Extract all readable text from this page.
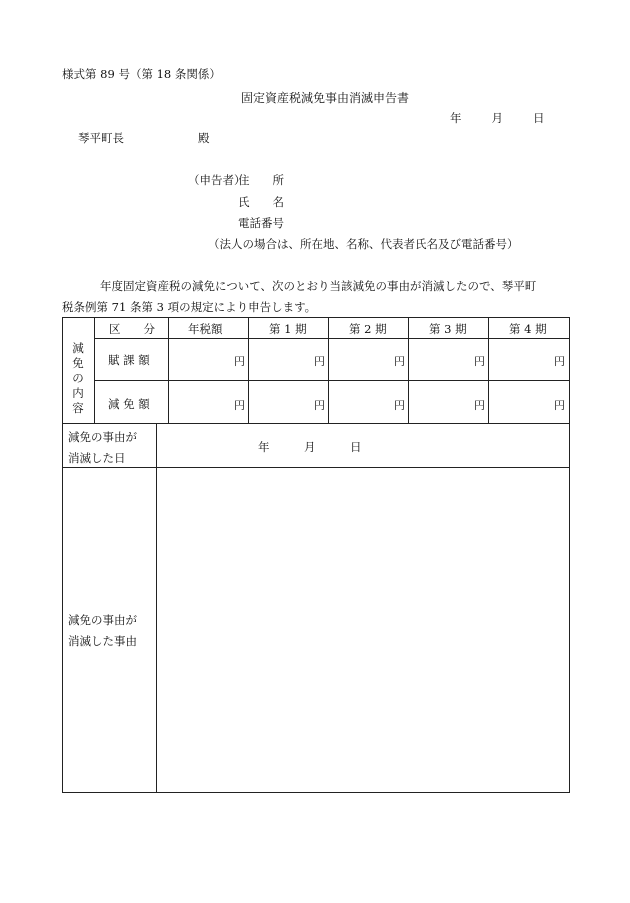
様式第 89 号（第 18 条関係）
固定資産税減免事由消滅申告書
年	月	日
琴平町長	殿
（申告者）
住　　所
氏　　名
電話番号
（法人の場合は、所在地、名称、代表者氏名及び電話番号）
年度固定資産税の減免について、次のとおり当該減免の事由が消滅したので、琴平町
税条例第 71 条第 3 項の規定により申告します。
減免の内容
区　　分	年税額	第 1 期	第 2 期	第 3 期	第 4 期
賦 課 額	円	円	円	円	円
減 免 額	円	円	円	円	円
減免の事由が
消滅した日
年	月	日
減免の事由が
消滅した事由
